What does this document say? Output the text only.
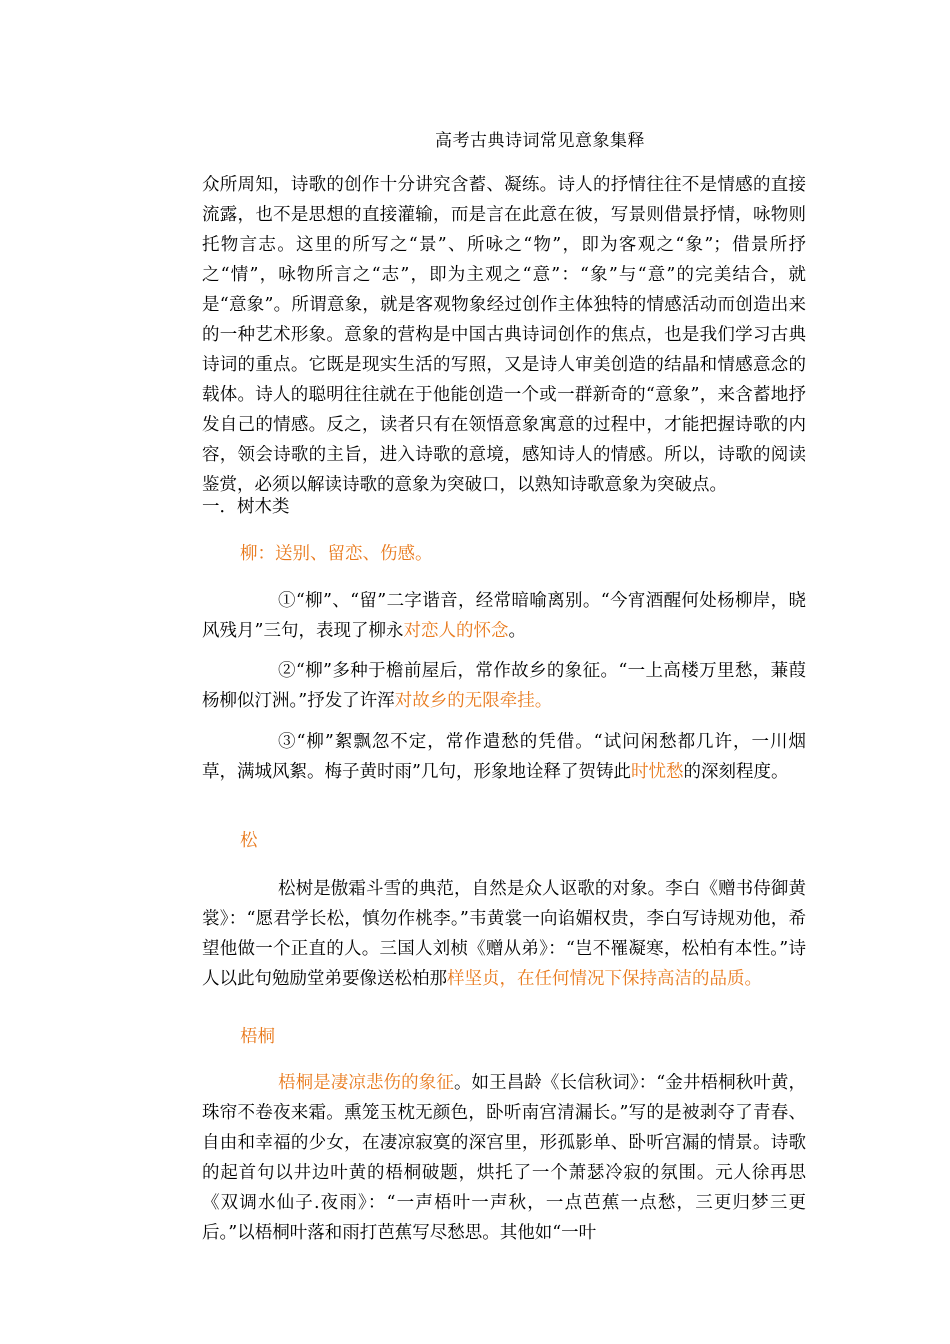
高考古典诗词常见意象集释

众所周知，诗歌的创作十分讲究含蓄、凝练。诗人的抒情往往不是情感的直接流露，也不是思想的直接灌输，而是言在此意在彼，写景则借景抒情，咏物则托物言志。这里的所写之“景”、所咏之“物”，即为客观之“象”；借景所抒之“情”，咏物所言之“志”，即为主观之“意”：“象”与“意”的完美结合，就是“意象”。所谓意象，就是客观物象经过创作主体独特的情感活动而创造出来的一种艺术形象。意象的营构是中国古典诗词创作的焦点，也是我们学习古典诗词的重点。它既是现实生活的写照，又是诗人审美创造的结晶和情感意念的载体。诗人的聪明往往就在于他能创造一个或一群新奇的“意象”，来含蓄地抒发自己的情感。反之，读者只有在领悟意象寓意的过程中，才能把握诗歌的内容，领会诗歌的主旨，进入诗歌的意境，感知诗人的情感。所以，诗歌的阅读鉴赏，必须以解读诗歌的意象为突破口，以熟知诗歌意象为突破点。

一．树木类
柳：送别、留恋、伤感。

①“柳”、“留”二字谐音，经常暗喻离别。“今宵酒醒何处杨柳岸，晓风残月”三句，表现了柳永对恋人的怀念。

②“柳”多种于檐前屋后，常作故乡的象征。“一上高楼万里愁，蒹葭杨柳似汀洲。”抒发了许浑对故乡的无限牵挂。

③“柳”絮飘忽不定，常作遣愁的凭借。“试问闲愁都几许，一川烟草，满城风絮。梅子黄时雨”几句，形象地诠释了贺铸此时忧愁的深刻程度。

松

松树是傲霜斗雪的典范，自然是众人讴歌的对象。李白《赠书侍御黄裳》：“愿君学长松，慎勿作桃李。”韦黄裳一向谄媚权贵，李白写诗规劝他，希望他做一个正直的人。三国人刘桢《赠从弟》：“岂不罹凝寒，松柏有本性。”诗人以此句勉励堂弟要像送松柏那样坚贞，在任何情况下保持高洁的品质。

梧桐

梧桐是凄凉悲伤的象征。如王昌龄《长信秋词》：“金井梧桐秋叶黄，珠帘不卷夜来霜。熏笼玉枕无颜色，卧听南宫清漏长。”写的是被剥夺了青春、自由和幸福的少女，在凄凉寂寞的深宫里，形孤影单、卧听宫漏的情景。诗歌的起首句以井边叶黄的梧桐破题，烘托了一个萧瑟冷寂的氛围。元人徐再思《双调水仙子.夜雨》：“一声梧叶一声秋，一点芭蕉一点愁，三更归梦三更后。”以梧桐叶落和雨打芭蕉写尽愁思。其他如“一叶
